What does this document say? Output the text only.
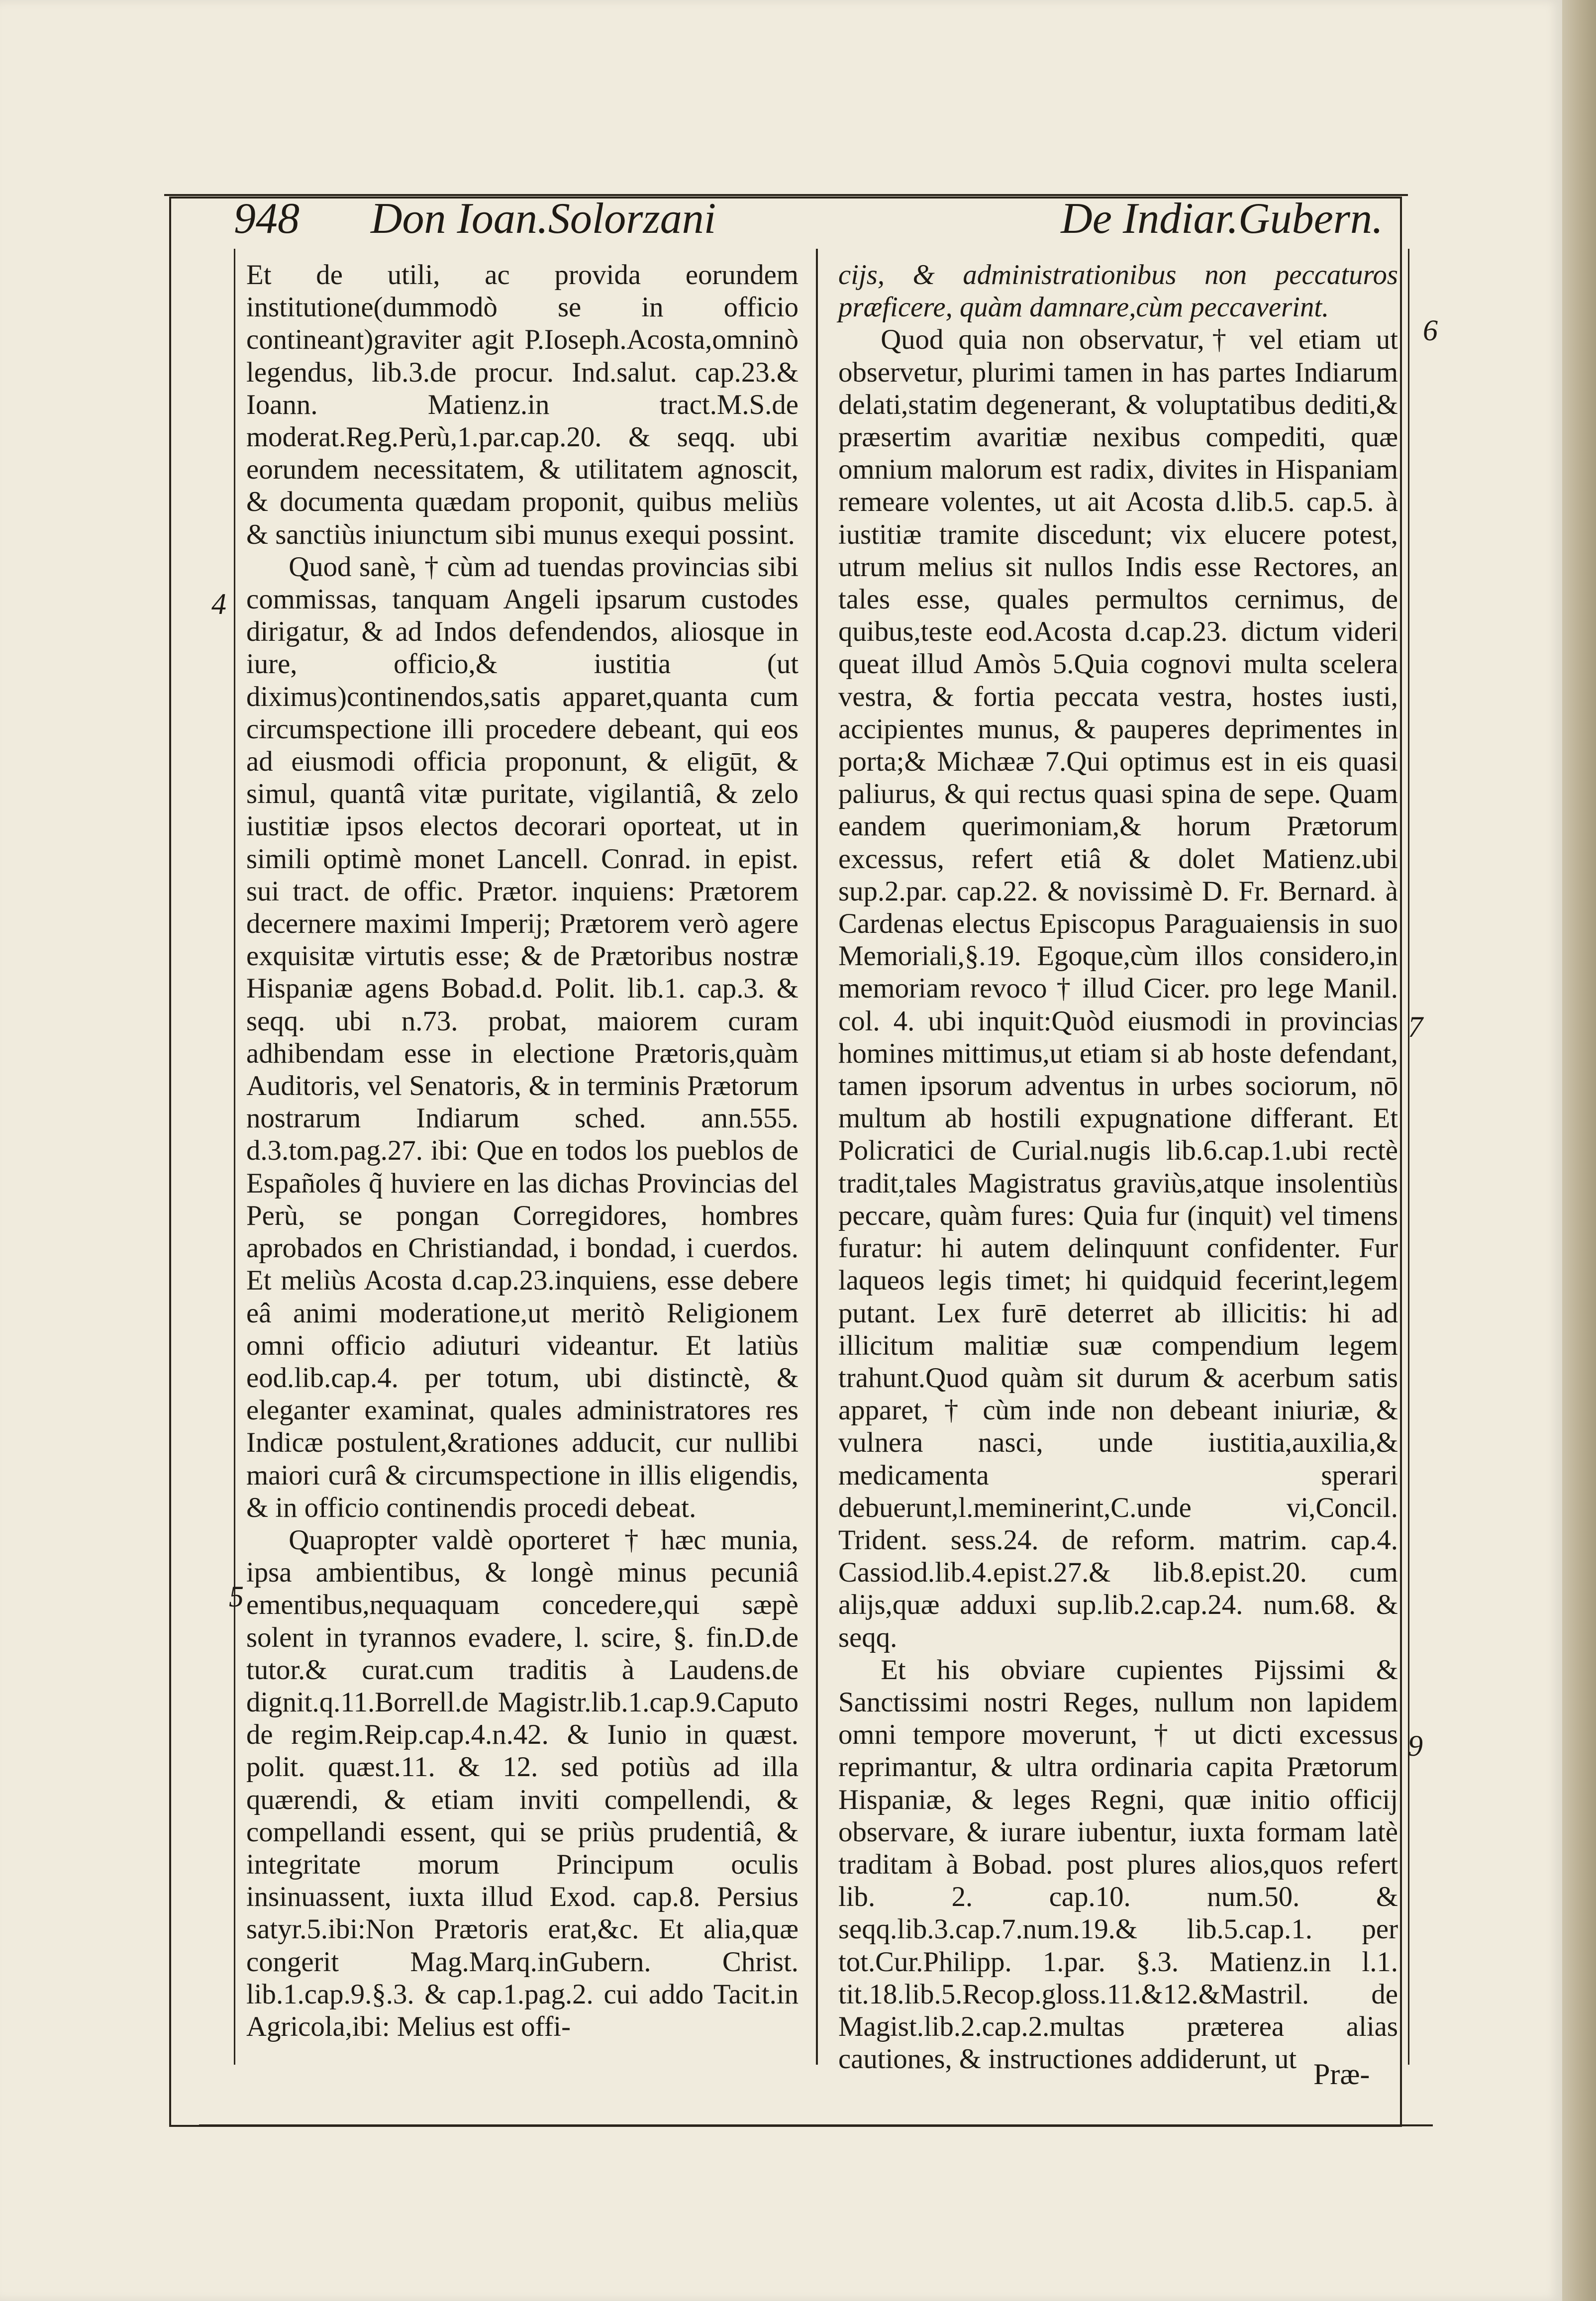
948 Don Ioan.Solorzani	De Indiar.Gubern.

Et de utili, ac provida eorundem institutione(dummodò se in officio contineant)graviter agit P.Ioseph.Acosta,omninò legendus, lib.3.de procur. Ind.salut. cap.23.& Ioann. Matienz.in tract.M.S.de moderat.Reg.Perù,1.par.cap.20. & seqq. ubi eorundem necessitatem, & utilitatem agnoscit, & documenta quædam proponit, quibus meliùs & sanctiùs iniunctum sibi munus exequi possint.

Quod sanè, † cùm ad tuendas provincias sibi commissas, tanquam Angeli ipsarum custodes dirigatur, & ad Indos defendendos, aliosque in iure, officio,& iustitia (ut diximus)continendos,satis apparet,quanta cum circumspectione illi procedere debeant, qui eos ad eiusmodi officia proponunt, & eligūt, & simul, quantâ vitæ puritate, vigilantiâ, & zelo iustitiæ ipsos electos decorari oporteat, ut in simili optimè monet Lancell. Conrad. in epist. sui tract. de offic. Prætor. inquiens: Prætorem decernere maximi Imperij; Prætorem verò agere exquisitæ virtutis esse; & de Prætoribus nostræ Hispaniæ agens Bobad.d. Polit. lib.1. cap.3. & seqq. ubi n.73. probat, maiorem curam adhibendam esse in electione Prætoris,quàm Auditoris, vel Senatoris, & in terminis Prætorum nostrarum Indiarum sched. ann.555. d.3.tom.pag.27. ibi: Que en todos los pueblos de Españoles q̃ huviere en las dichas Provincias del Perù, se pongan Corregidores, hombres aprobados en Christiandad, i bondad, i cuerdos. Et meliùs Acosta d.cap.23.inquiens, esse debere eâ animi moderatione,ut meritò Religionem omni officio adiuturi videantur. Et latiùs eod.lib.cap.4. per totum, ubi distinctè, & eleganter examinat, quales administratores res Indicæ postulent,&rationes adducit, cur nullibi maiori curâ & circumspectione in illis eligendis, & in officio continendis procedi debeat.

Quapropter valdè oporteret † hæc munia, ipsa ambientibus, & longè minus pecuniâ ementibus,nequaquam concedere,qui sæpè solent in tyrannos evadere, l. scire, §. fin.D.de tutor.& curat.cum traditis à Laudens.de dignit.q.11.Borrell.de Magistr.lib.1.cap.9.Caputo de regim.Reip.cap.4.n.42. & Iunio in quæst. polit. quæst.11. & 12. sed potiùs ad illa quærendi, & etiam inviti compellendi, & compellandi essent, qui se priùs prudentiâ, & integritate morum Principum oculis insinuassent, iuxta illud Exod. cap.8. Persius satyr.5.ibi:Non Prætoris erat,&c. Et alia,quæ congerit Mag.Marq.inGubern. Christ. lib.1.cap.9.§.3. & cap.1.pag.2. cui addo Tacit.in Agricola,ibi: Melius est offi-

cijs, & administrationibus non peccaturos præficere, quàm damnare,cùm peccaverint.

Quod quia non observatur,† vel etiam ut observetur, plurimi tamen in has partes Indiarum delati,statim degenerant, & voluptatibus dediti,& præsertim avaritiæ nexibus compediti, quæ omnium malorum est radix, divites in Hispaniam remeare volentes, ut ait Acosta d.lib.5. cap.5. à iustitiæ tramite discedunt; vix elucere potest, utrum melius sit nullos Indis esse Rectores, an tales esse, quales permultos cernimus, de quibus,teste eod.Acosta d.cap.23. dictum videri queat illud Amòs 5.Quia cognovi multa scelera vestra, & fortia peccata vestra, hostes iusti, accipientes munus, & pauperes deprimentes in porta;& Michææ 7.Qui optimus est in eis quasi paliurus, & qui rectus quasi spina de sepe. Quam eandem querimoniam,& horum Prætorum excessus, refert etiâ & dolet Matienz.ubi sup.2.par. cap.22. & novissimè D. Fr. Bernard. à Cardenas electus Episcopus Paraguaiensis in suo Memoriali,§.19. Egoque,cùm illos considero,in memoriam revoco † illud Cicer. pro lege Manil. col. 4. ubi inquit:Quòd eiusmodi in provincias homines mittimus,ut etiam si ab hoste defendant, tamen ipsorum adventus in urbes sociorum, nō multum ab hostili expugnatione differant. Et Policratici de Curial.nugis lib.6.cap.1.ubi rectè tradit,tales Magistratus graviùs,atque insolentiùs peccare, quàm fures: Quia fur (inquit) vel timens furatur: hi autem delinquunt confidenter. Fur laqueos legis timet; hi quidquid fecerint,legem putant. Lex furē deterret ab illicitis: hi ad illicitum malitiæ suæ compendium legem trahunt.Quod quàm sit durum & acerbum satis apparet, † cùm inde non debeant iniuriæ, & vulnera nasci, unde iustitia,auxilia,& medicamenta sperari debuerunt,l.meminerint,C.unde vi,Concil. Trident. sess.24. de reform. matrim. cap.4. Cassiod.lib.4.epist.27.& lib.8.epist.20. cum alijs,quæ adduxi sup.lib.2.cap.24. num.68. & seqq.

Et his obviare cupientes Pijssimi & Sanctissimi nostri Reges, nullum non lapidem omni tempore moverunt, † ut dicti excessus reprimantur, & ultra ordinaria capita Prætorum Hispaniæ, & leges Regni, quæ initio officij observare, & iurare iubentur, iuxta formam latè traditam à Bobad. post plures alios,quos refert lib. 2. cap.10. num.50. & seqq.lib.3.cap.7.num.19.& lib.5.cap.1. per tot.Cur.Philipp. 1.par. §.3. Matienz.in l.1. tit.18.lib.5.Recop.gloss.11.&12.&Mastril. de Magist.lib.2.cap.2.multas præterea alias cautiones, & instructiones addiderunt, ut

4
5
6
7
9
Præ-
